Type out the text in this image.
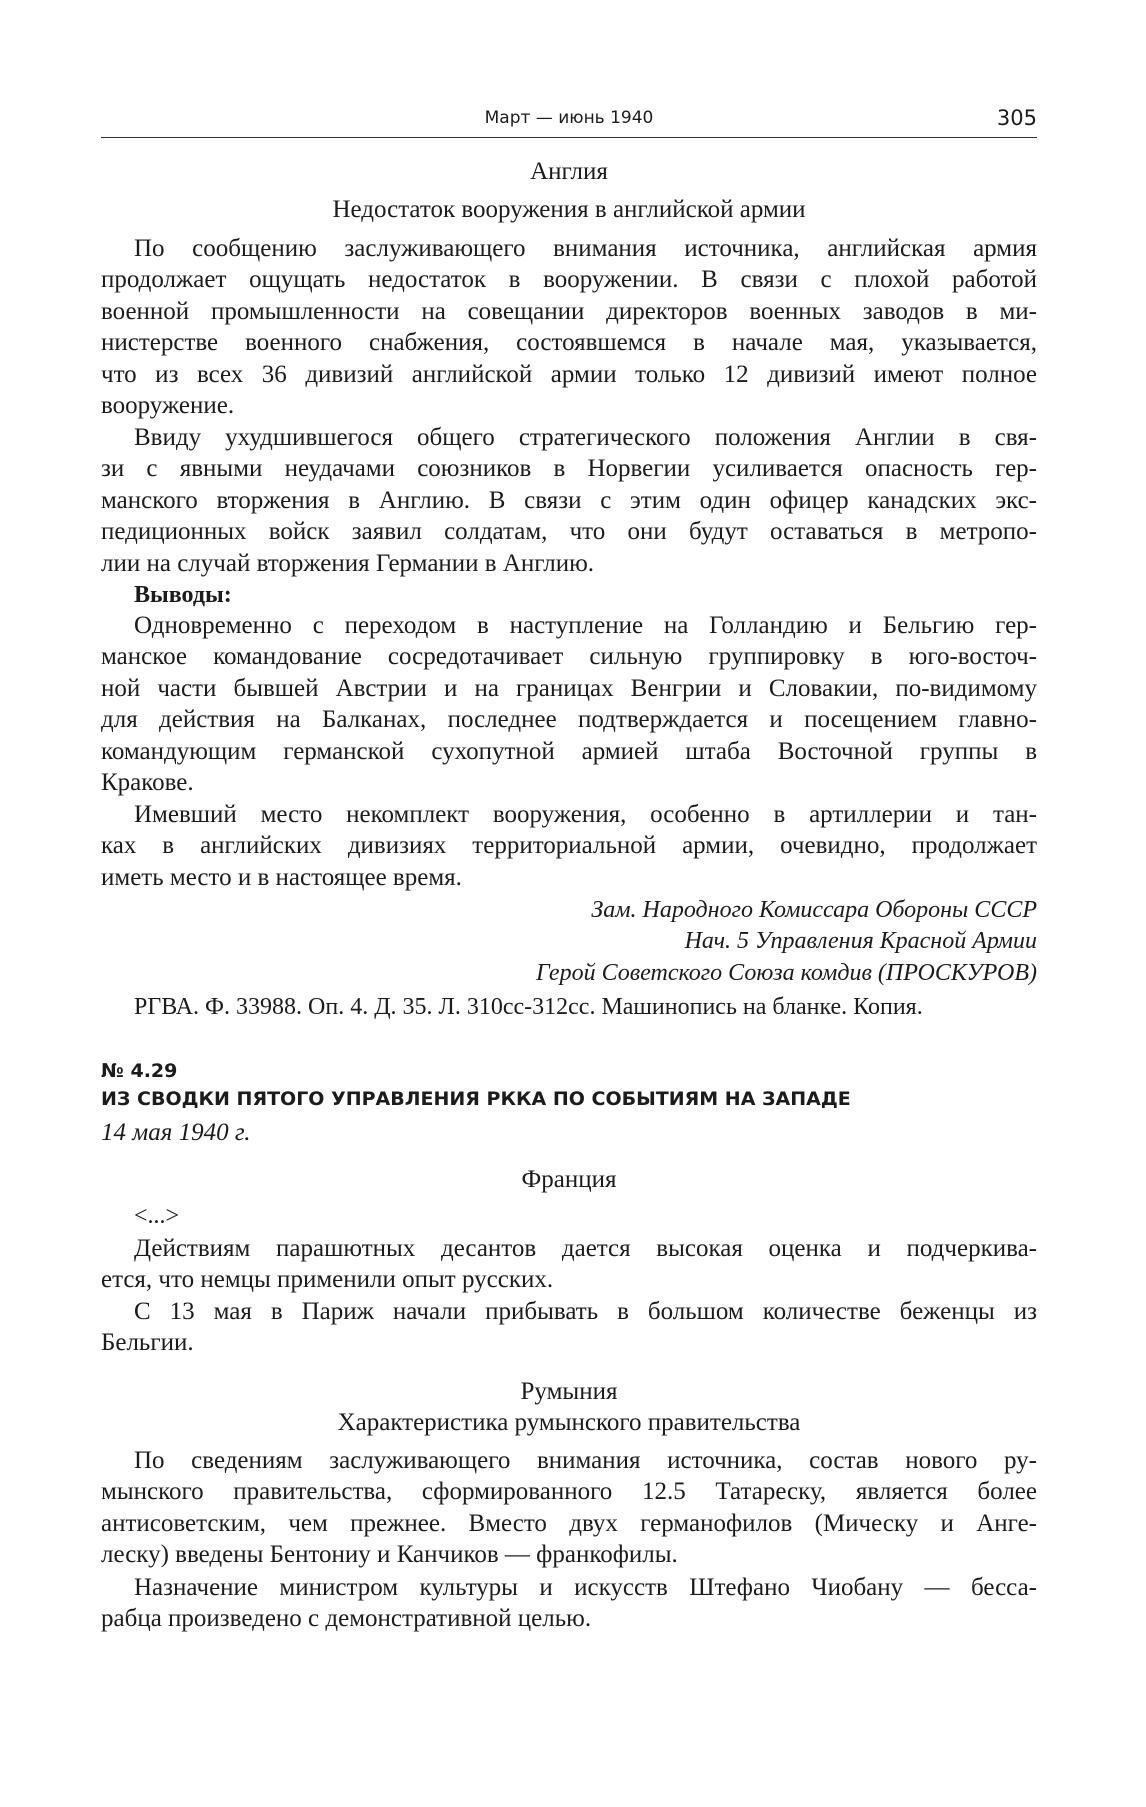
Март — июнь 1940	305
Англия
Недостаток вооружения в английской армии
По сообщению заслуживающего внимания источника, английская армия
продолжает ощущать недостаток в вооружении. В связи с плохой работой
военной промышленности на совещании директоров военных заводов в ми-
нистерстве военного снабжения, состоявшемся в начале мая, указывается,
что из всех 36 дивизий английской армии только 12 дивизий имеют полное
вооружение.
Ввиду ухудшившегося общего стратегического положения Англии в свя-
зи с явными неудачами союзников в Норвегии усиливается опасность гер-
манского вторжения в Англию. В связи с этим один офицер канадских экс-
педиционных войск заявил солдатам, что они будут оставаться в метропо-
лии на случай вторжения Германии в Англию.
Выводы:
Одновременно с переходом в наступление на Голландию и Бельгию гер-
манское командование сосредотачивает сильную группировку в юго-восточ-
ной части бывшей Австрии и на границах Венгрии и Словакии, по-видимому
для действия на Балканах, последнее подтверждается и посещением главно-
командующим германской сухопутной армией штаба Восточной группы в
Кракове.
Имевший место некомплект вооружения, особенно в артиллерии и тан-
ках в английских дивизиях территориальной армии, очевидно, продолжает
иметь место и в настоящее время.
Зам. Народного Комиссара Обороны СССР
Нач. 5 Управления Красной Армии
Герой Советского Союза комдив (ПРОСКУРОВ)
РГВА. Ф. 33988. Оп. 4. Д. 35. Л. 310сс-312сс. Машинопись на бланке. Копия.
№ 4.29
ИЗ СВОДКИ ПЯТОГО УПРАВЛЕНИЯ РККА ПО СОБЫТИЯМ НА ЗАПАДЕ
14 мая 1940 г.
Франция
<...>
Действиям парашютных десантов дается высокая оценка и подчеркива-
ется, что немцы применили опыт русских.
С 13 мая в Париж начали прибывать в большом количестве беженцы из
Бельгии.
Румыния
Характеристика румынского правительства
По сведениям заслуживающего внимания источника, состав нового ру-
мынского правительства, сформированного 12.5 Татареску, является более
антисоветским, чем прежнее. Вместо двух германофилов (Мическу и Анге-
леску) введены Бентониу и Канчиков — франкофилы.
Назначение министром культуры и искусств Штефано Чиобану — бесса-
рабца произведено с демонстративной целью.
